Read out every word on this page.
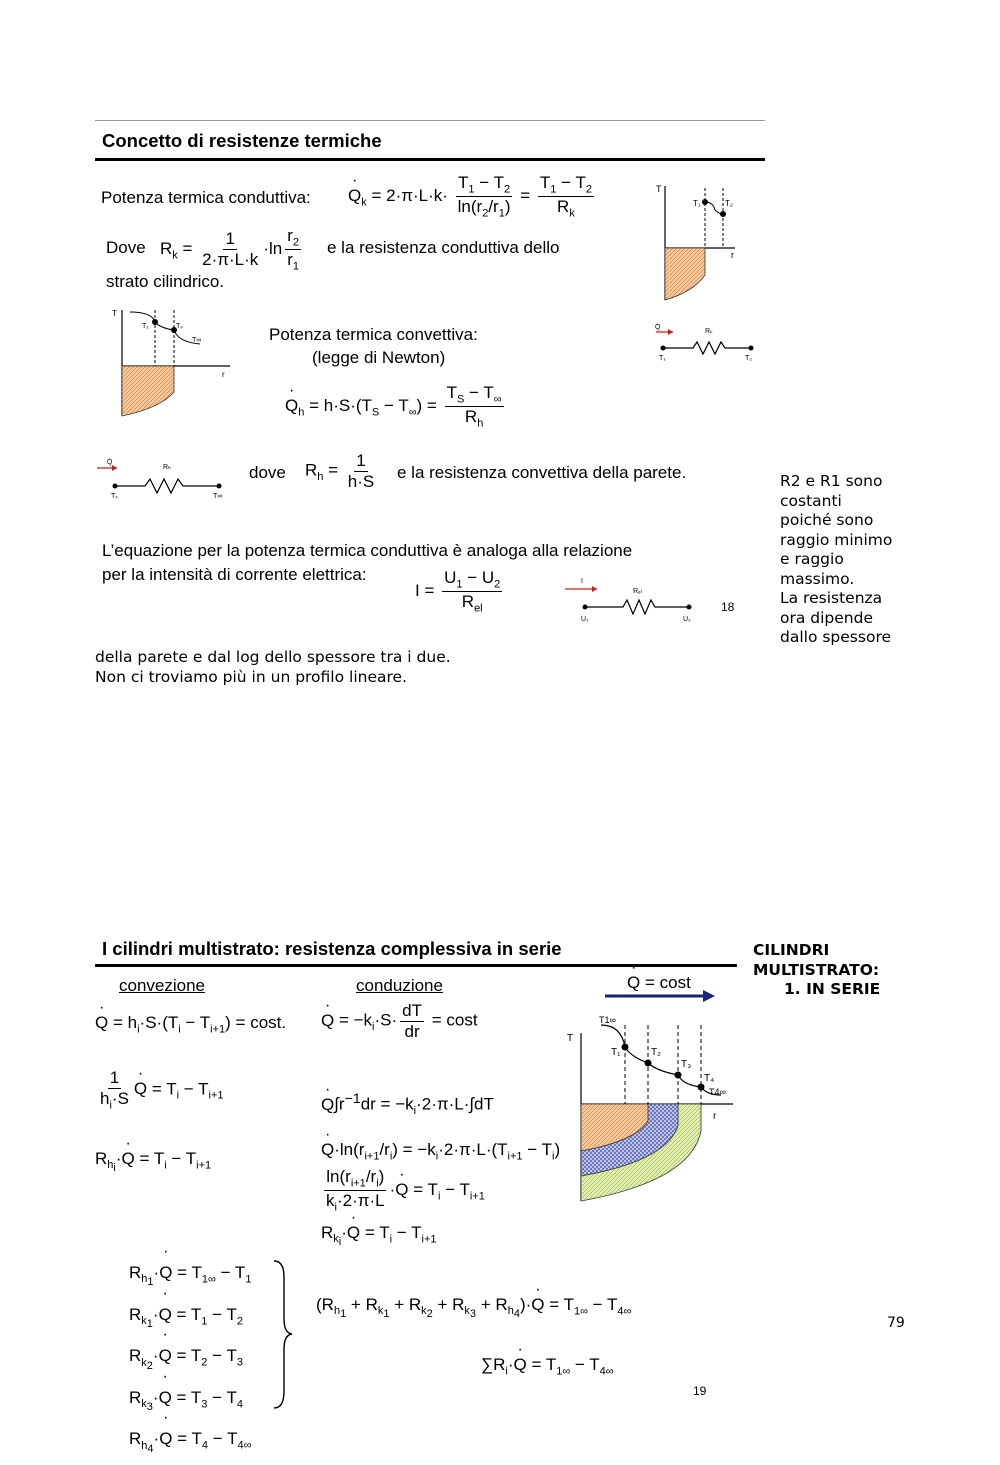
Concetto di resistenze termiche
Potenza termica conduttiva:
· $Q_k = 2\cdot\pi\cdot L\cdot k\cdot \frac{T_1 - T_2}{\ln(r_2/r_1)} = \frac{T_1 - T_2}{R_k}$
Dove $R_k = \frac{1}{2\cdot\pi\cdot L\cdot k} \cdot\ln \frac{r_2}{r_1}$ e la resistenza conduttiva dello
strato cilindrico.
T
r
T₁	T₂
T
r
T₁	Tₛ
T∞	Potenza termica convettiva:
(legge di Newton)
· $Q_h = h\cdot S\cdot(T_S - T_\infty) = \frac{T_S - T_\infty}{R_h}$
Q̇
Rₖ
T₁	T₂
Q̇
Rₕ
Tₛ	T∞
dove $R_h = \frac{1}{h\cdot S}$ e la resistenza convettiva della parete.
L’equazione per la potenza termica conduttiva è analoga alla relazione
per la intensità di corrente elettrica:
$I = \frac{U_1 - U_2}{R_{el}}$	I
Rₑₗ
U₁	U₂
18
R2 e R1 sono
costanti
poiché sono
raggio minimo
e raggio
massimo.
La resistenza
ora dipende
dallo spessore
della parete e dal log dello spessore tra i due.
Non ci troviamo più in un profilo lineare.
I cilindri multistrato: resistenza complessiva in serie
convezione	conduzione
·	Q = cost
· $Q = h_i\cdot S\cdot(T_i - T_{i+1}) = \cos t$.
$\frac{1}{h_i\cdot S}$
· $Q = T_i - T_{i+1}$
$R_{h_i}\cdot\cdot Q = T_i - T_{i+1}$
· $Q = -k_i\cdot S\cdot \frac{dT}{dr} = \cos t$
· $Q\int r^{-1}dr = -k_i\cdot 2\cdot\pi\cdot L\cdot\int dT$
· $Q\cdot\ln(r_{i+1}/r_i) = -k_i\cdot 2\cdot\pi\cdot L\cdot(T_{i+1} - T_i)$
$\frac{\ln(r_{i+1}/r_i)}{k_i\cdot 2\cdot\pi\cdot L} \cdot\cdot Q = T_i - T_{i+1}$
$R_{k_i}\cdot\cdot Q = T_i - T_{i+1}$
T
r
T1∞
T₁	T₂
T₃
T₄
T4∞
$R_{h_1}\cdot\cdot Q = T_{1\infty} - T_1$
$R_{k_1}\cdot\cdot Q = T_1 - T_2$
$R_{k_2}\cdot\cdot Q = T_2 - T_3$
$R_{k_3}\cdot\cdot Q = T_3 - T_4$
$R_{h_4}\cdot\cdot Q = T_4 - T_{4\infty}$
$(R_{h_1} + R_{k_1} + R_{k_2} + R_{k_3} + R_{h_4})\cdot\cdot Q = T_{1\infty} - T_{4\infty}$
$\sum R_i\cdot\cdot Q = T_{1\infty} - T_{4\infty}$
19
CILINDRI
MULTISTRATO:
1. IN SERIE
79
